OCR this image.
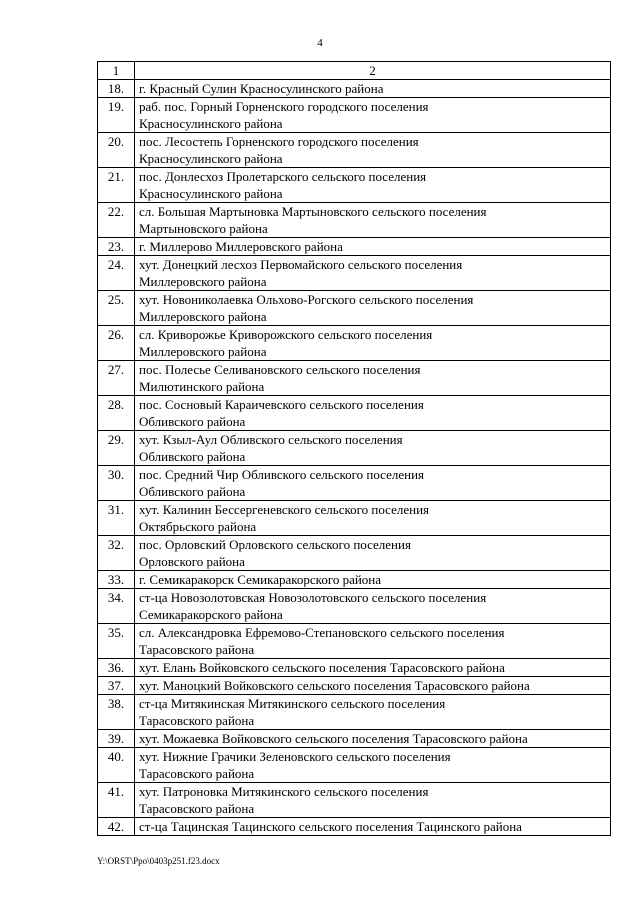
4
1	2
18.	г. Красный Сулин Красносулинского района

19.	раб. пос. Горный Горненского городского поселения
Красносулинского района

20.	пос. Лесостепь Горненского городского поселения
Красносулинского района

21.	пос. Донлесхоз Пролетарского сельского поселения
Красносулинского района

22.	сл. Большая Мартыновка Мартыновского сельского поселения
Мартыновского района

23.	г. Миллерово Миллеровского района

24.	хут. Донецкий лесхоз Первомайского сельского поселения
Миллеровского района

25.	хут. Новониколаевка Ольхово-Рогского сельского поселения
Миллеровского района

26.	сл. Криворожье Криворожского сельского поселения
Миллеровского района

27.	пос. Полесье Селивановского сельского поселения
Милютинского района

28.	пос. Сосновый Караичевского сельского поселения
Обливского района

29.	хут. Кзыл-Аул Обливского сельского поселения
Обливского района

30.	пос. Средний Чир Обливского сельского поселения
Обливского района

31.	хут. Калинин Бессергеневского сельского поселения
Октябрьского района

32.	пос. Орловский Орловского сельского поселения
Орловского района

33.	г. Семикаракорск Семикаракорского района

34.	ст-ца Новозолотовская Новозолотовского сельского поселения
Семикаракорского района

35.	сл. Александровка Ефремово-Степановского сельского поселения
Тарасовского района

36.	хут. Елань Войковского сельского поселения Тарасовского района

37.	хут. Маноцкий Войковского сельского поселения Тарасовского района

38.	ст-ца Митякинская Митякинского сельского поселения
Тарасовского района

39.	хут. Можаевка Войковского сельского поселения Тарасовского района

40.	хут. Нижние Грачики Зеленовского сельского поселения
Тарасовского района

41.	хут. Патроновка Митякинского сельского поселения
Тарасовского района

42.	ст-ца Тацинская Тацинского сельского поселения Тацинского района
Y:\ORST\Ppo\0403p251.f23.docx
